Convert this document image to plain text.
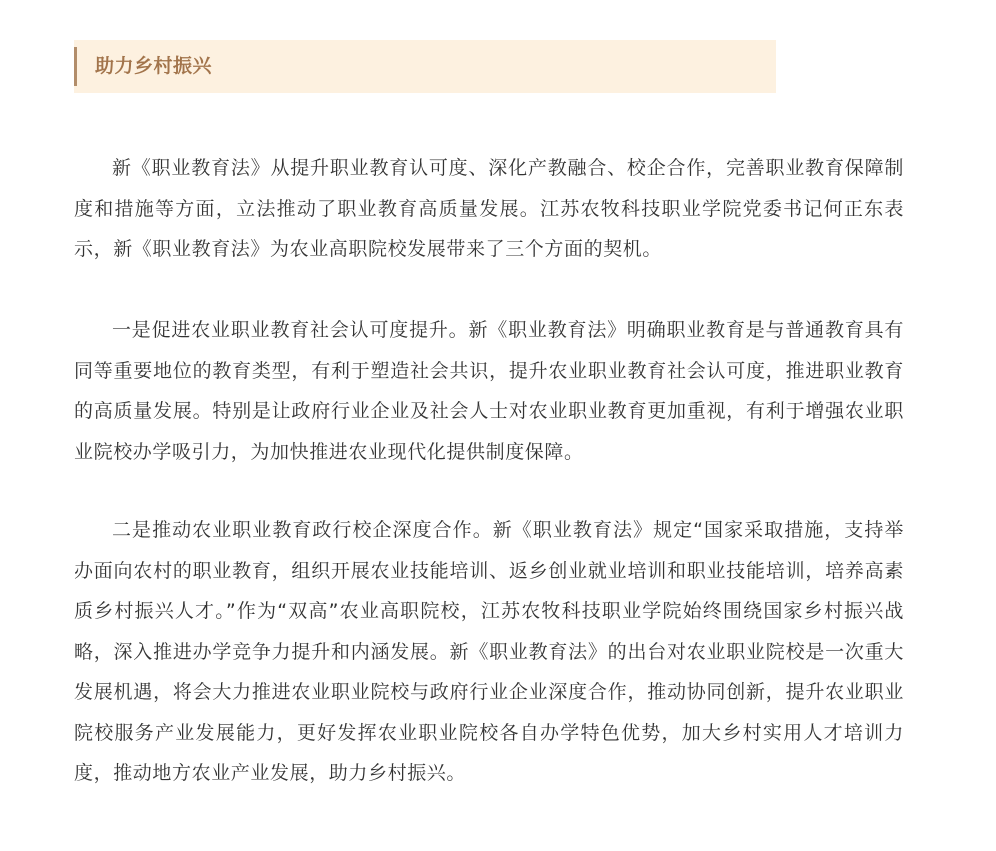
助力乡村振兴

新《职业教育法》从提升职业教育认可度、深化产教融合、校企合作，完善职业教育保障制度和措施等方面，立法推动了职业教育高质量发展。江苏农牧科技职业学院党委书记何正东表示，新《职业教育法》为农业高职院校发展带来了三个方面的契机。

一是促进农业职业教育社会认可度提升。新《职业教育法》明确职业教育是与普通教育具有同等重要地位的教育类型，有利于塑造社会共识，提升农业职业教育社会认可度，推进职业教育的高质量发展。特别是让政府行业企业及社会人士对农业职业教育更加重视，有利于增强农业职业院校办学吸引力，为加快推进农业现代化提供制度保障。

二是推动农业职业教育政行校企深度合作。新《职业教育法》规定“国家采取措施，支持举办面向农村的职业教育，组织开展农业技能培训、返乡创业就业培训和职业技能培训，培养高素质乡村振兴人才。”作为“双高”农业高职院校，江苏农牧科技职业学院始终围绕国家乡村振兴战略，深入推进办学竞争力提升和内涵发展。新《职业教育法》的出台对农业职业院校是一次重大发展机遇，将会大力推进农业职业院校与政府行业企业深度合作，推动协同创新，提升农业职业院校服务产业发展能力，更好发挥农业职业院校各自办学特色优势，加大乡村实用人才培训力度，推动地方农业产业发展，助力乡村振兴。
